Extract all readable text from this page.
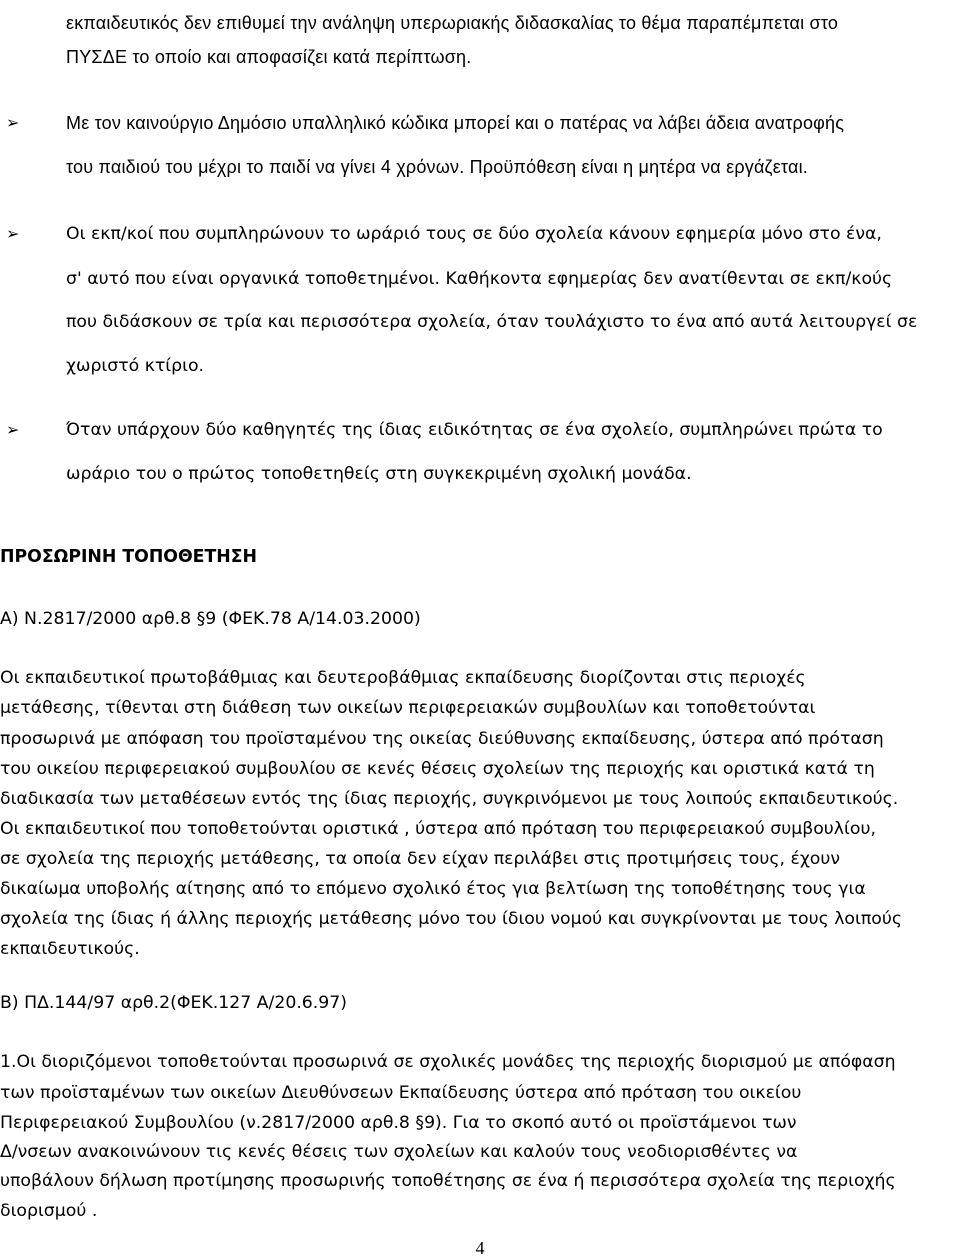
εκπαιδευτικός δεν επιθυμεί την ανάληψη υπερωριακής διδασκαλίας το θέμα παραπέμπεται στο
ΠΥΣΔΕ το οποίο και αποφασίζει κατά περίπτωση.
➢	Με τον καινούργιο Δημόσιο υπαλληλικό κώδικα μπορεί και ο πατέρας να λάβει άδεια ανατροφής
του παιδιού του μέχρι το παιδί να γίνει 4 χρόνων. Προϋπόθεση είναι η μητέρα να εργάζεται.
➢	Οι εκπ/κοί που συμπληρώνουν το ωράριό τους σε δύο σχολεία κάνουν εφημερία μόνο στο ένα,
σ' αυτό που είναι οργανικά τοποθετημένοι. Καθήκοντα εφημερίας δεν ανατίθενται σε εκπ/κούς
που διδάσκουν σε τρία και περισσότερα σχολεία, όταν τουλάχιστο το ένα από αυτά λειτουργεί σε
χωριστό κτίριο.
➢	Όταν υπάρχουν δύο καθηγητές της ίδιας ειδικότητας σε ένα σχολείο, συμπληρώνει πρώτα το
ωράριο του ο πρώτος τοποθετηθείς στη συγκεκριμένη σχολική μονάδα.
ΠΡΟΣΩΡΙΝΗ ΤΟΠΟΘΕΤΗΣΗ
Α) Ν.2817/2000 αρθ.8 §9 (ΦΕΚ.78 Α/14.03.2000)
Οι εκπαιδευτικοί πρωτοβάθμιας και δευτεροβάθμιας εκπαίδευσης διορίζονται στις περιοχές
μετάθεσης, τίθενται στη διάθεση των οικείων περιφερειακών συμβουλίων και τοποθετούνται
προσωρινά με απόφαση του προϊσταμένου της οικείας διεύθυνσης εκπαίδευσης, ύστερα από πρόταση
του οικείου περιφερειακού συμβουλίου σε κενές θέσεις σχολείων της περιοχής και οριστικά κατά τη
διαδικασία των μεταθέσεων εντός της ίδιας περιοχής, συγκρινόμενοι με τους λοιπούς εκπαιδευτικούς.
Οι εκπαιδευτικοί που τοποθετούνται οριστικά , ύστερα από πρόταση του περιφερειακού συμβουλίου,
σε σχολεία της περιοχής μετάθεσης, τα οποία δεν είχαν περιλάβει στις προτιμήσεις τους, έχουν
δικαίωμα υποβολής αίτησης από το επόμενο σχολικό έτος για βελτίωση της τοποθέτησης τους για
σχολεία της ίδιας ή άλλης περιοχής μετάθεσης μόνο του ίδιου νομού και συγκρίνονται με τους λοιπούς
εκπαιδευτικούς.
Β) ΠΔ.144/97 αρθ.2(ΦΕΚ.127 Α/20.6.97)
1.Οι διοριζόμενοι τοποθετούνται προσωρινά σε σχολικές μονάδες της περιοχής διορισμού με απόφαση
των προϊσταμένων των οικείων Διευθύνσεων Εκπαίδευσης ύστερα από πρόταση του οικείου
Περιφερειακού Συμβουλίου (ν.2817/2000 αρθ.8 §9). Για το σκοπό αυτό οι προϊστάμενοι των
Δ/νσεων ανακοινώνουν τις κενές θέσεις των σχολείων και καλούν τους νεοδιορισθέντες να
υποβάλουν δήλωση προτίμησης προσωρινής τοποθέτησης σε ένα ή περισσότερα σχολεία της περιοχής
διορισμού .
4
